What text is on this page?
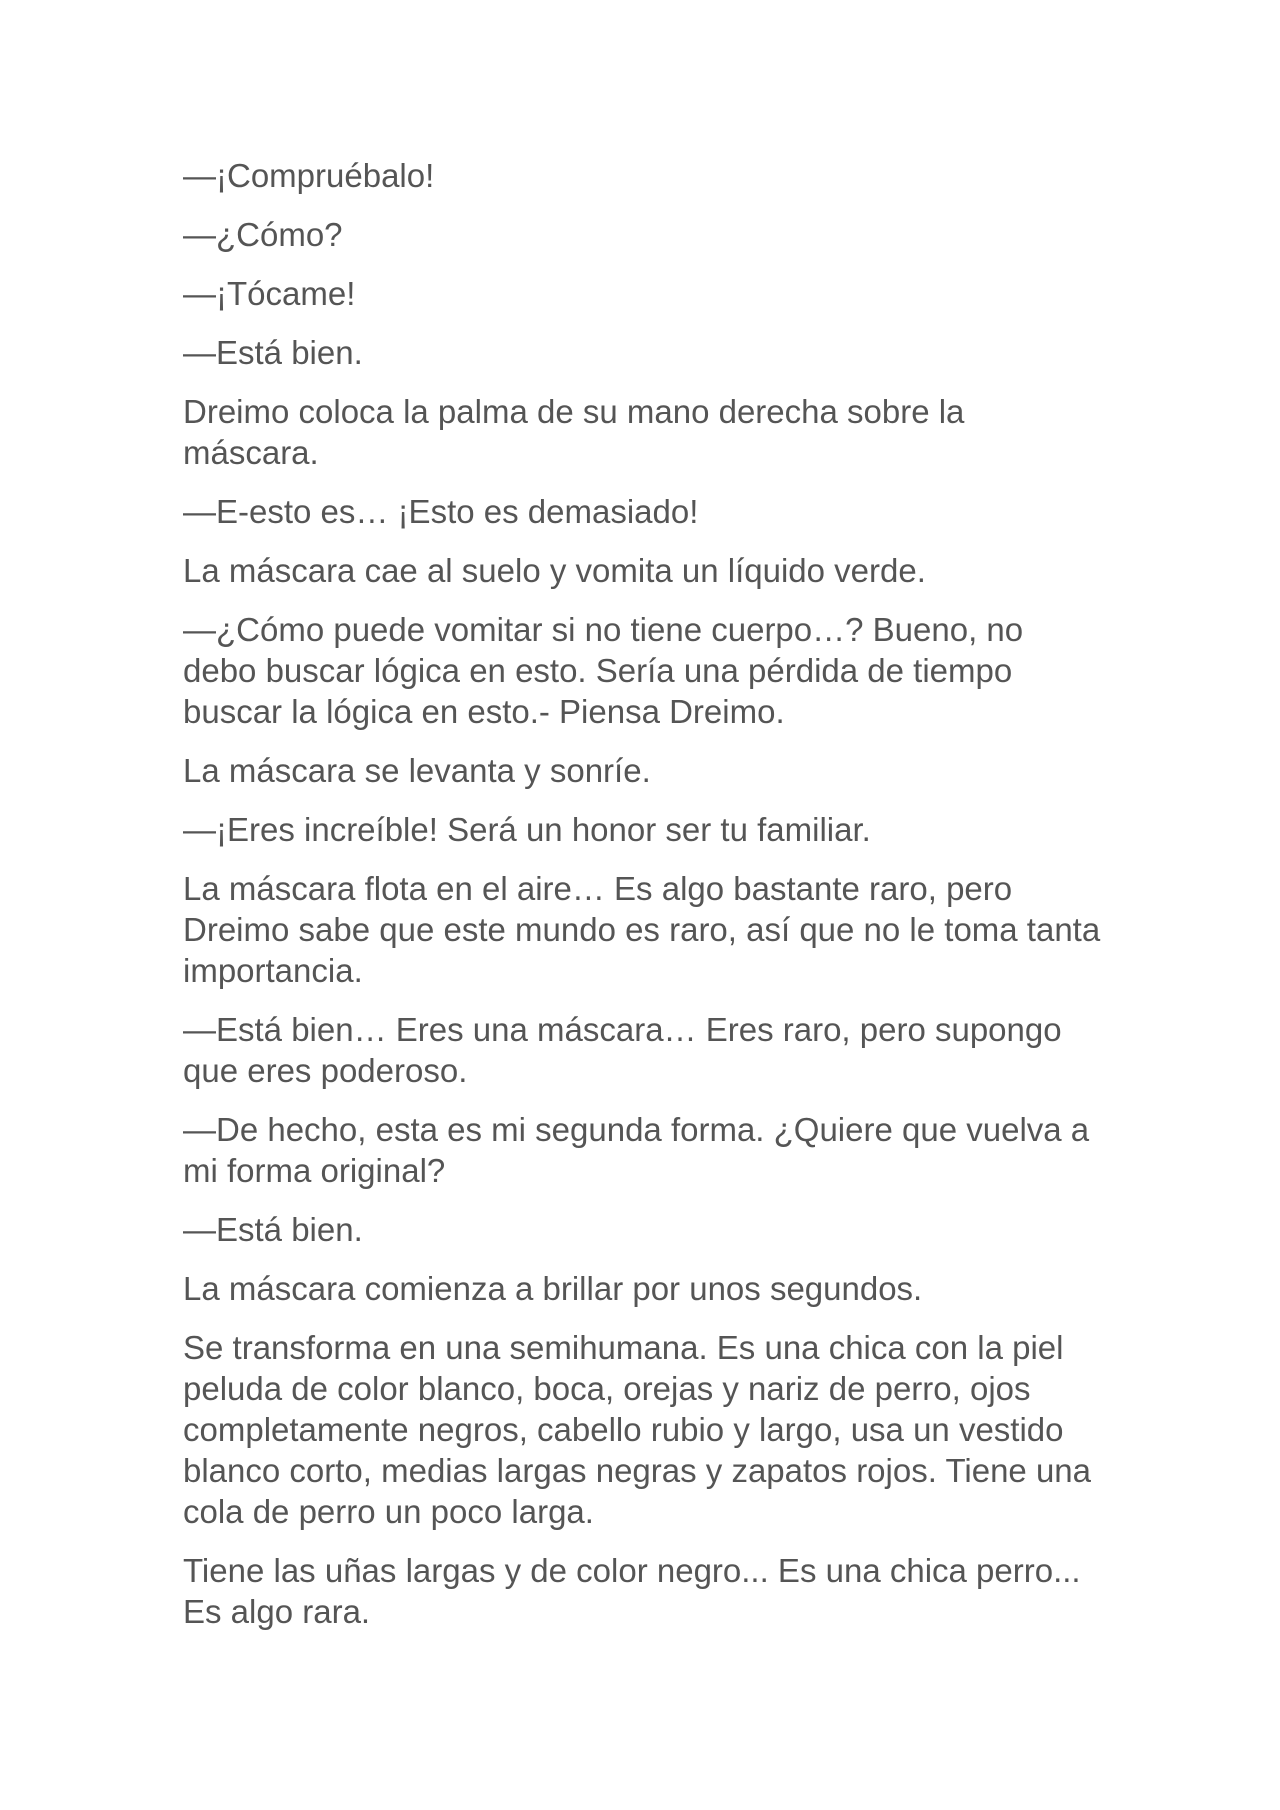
—¡Compruébalo!

—¿Cómo?

—¡Tócame!

—Está bien.

Dreimo coloca la palma de su mano derecha sobre la máscara.

—E-esto es… ¡Esto es demasiado!

La máscara cae al suelo y vomita un líquido verde.

—¿Cómo puede vomitar si no tiene cuerpo…? Bueno, no debo buscar lógica en esto. Sería una pérdida de tiempo buscar la lógica en esto.- Piensa Dreimo.

La máscara se levanta y sonríe.

—¡Eres increíble! Será un honor ser tu familiar.

La máscara flota en el aire… Es algo bastante raro, pero Dreimo sabe que este mundo es raro, así que no le toma tanta importancia.

—Está bien… Eres una máscara… Eres raro, pero supongo que eres poderoso.

—De hecho, esta es mi segunda forma. ¿Quiere que vuelva a mi forma original?

—Está bien.

La máscara comienza a brillar por unos segundos.

Se transforma en una semihumana. Es una chica con la piel peluda de color blanco, boca, orejas y nariz de perro, ojos completamente negros, cabello rubio y largo, usa un vestido blanco corto, medias largas negras y zapatos rojos. Tiene una cola de perro un poco larga.

Tiene las uñas largas y de color negro... Es una chica perro... Es algo rara.
